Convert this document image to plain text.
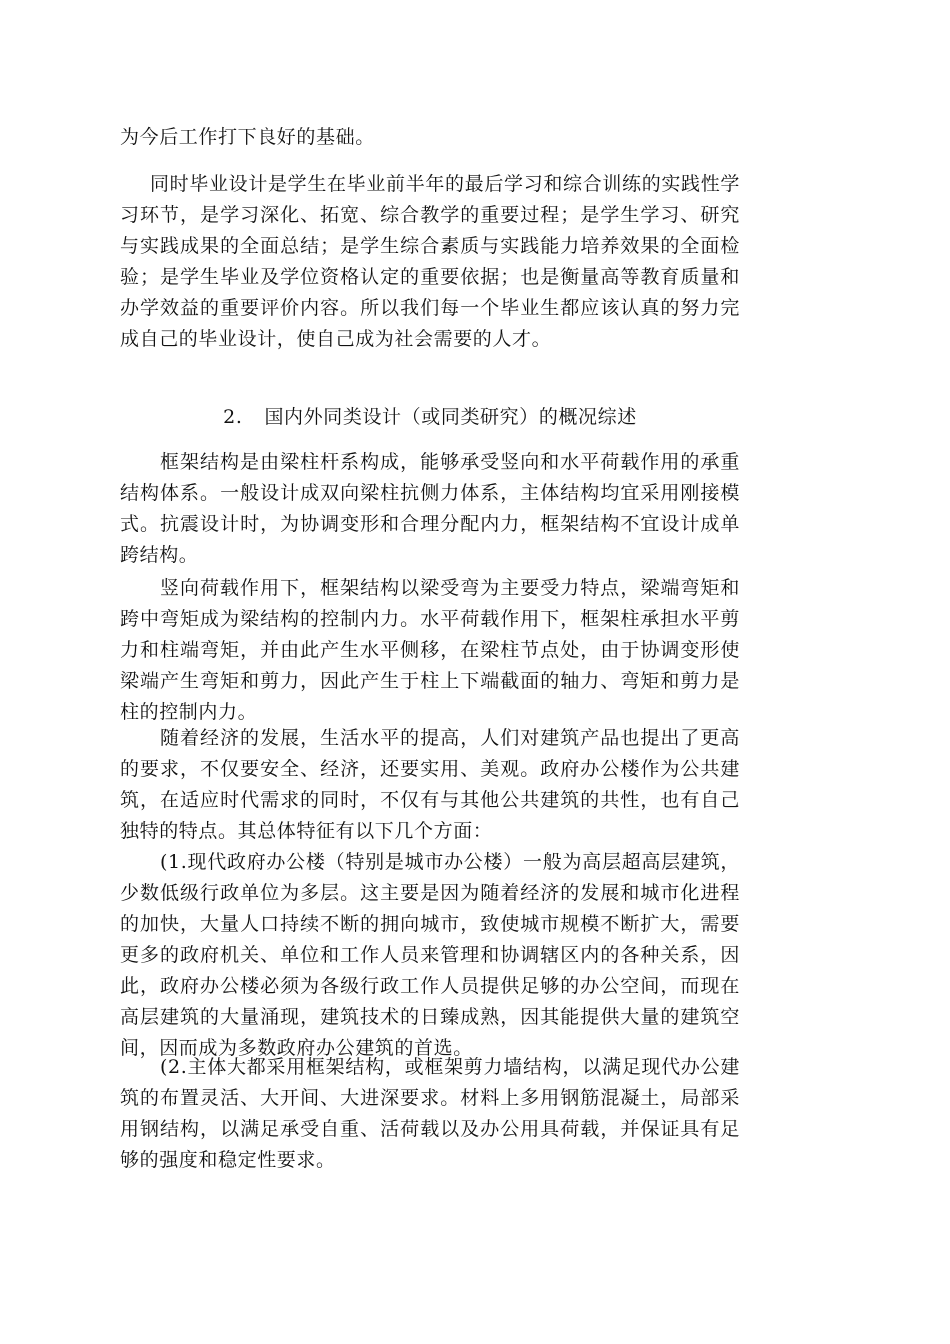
为今后工作打下良好的基础。
同时毕业设计是学生在毕业前半年的最后学习和综合训练的实践性学习环节，是学习深化、拓宽、综合教学的重要过程；是学生学习、研究与实践成果的全面总结；是学生综合素质与实践能力培养效果的全面检验；是学生毕业及学位资格认定的重要依据；也是衡量高等教育质量和办学效益的重要评价内容。所以我们每一个毕业生都应该认真的努力完成自己的毕业设计，使自己成为社会需要的人才。
2. 国内外同类设计（或同类研究）的概况综述
框架结构是由梁柱杆系构成，能够承受竖向和水平荷载作用的承重结构体系。一般设计成双向梁柱抗侧力体系，主体结构均宜采用刚接模式。抗震设计时，为协调变形和合理分配内力，框架结构不宜设计成单跨结构。
竖向荷载作用下，框架结构以梁受弯为主要受力特点，梁端弯矩和跨中弯矩成为梁结构的控制内力。水平荷载作用下，框架柱承担水平剪力和柱端弯矩，并由此产生水平侧移，在梁柱节点处，由于协调变形使梁端产生弯矩和剪力，因此产生于柱上下端截面的轴力、弯矩和剪力是柱的控制内力。
随着经济的发展，生活水平的提高，人们对建筑产品也提出了更高的要求，不仅要安全、经济，还要实用、美观。政府办公楼作为公共建筑，在适应时代需求的同时，不仅有与其他公共建筑的共性，也有自己独特的特点。其总体特征有以下几个方面：
(1.现代政府办公楼（特别是城市办公楼）一般为高层超高层建筑，少数低级行政单位为多层。这主要是因为随着经济的发展和城市化进程的加快，大量人口持续不断的拥向城市，致使城市规模不断扩大，需要更多的政府机关、单位和工作人员来管理和协调辖区内的各种关系，因此，政府办公楼必须为各级行政工作人员提供足够的办公空间，而现在高层建筑的大量涌现，建筑技术的日臻成熟，因其能提供大量的建筑空间，因而成为多数政府办公建筑的首选。
(2.主体大都采用框架结构，或框架剪力墙结构，以满足现代办公建筑的布置灵活、大开间、大进深要求。材料上多用钢筋混凝土，局部采用钢结构，以满足承受自重、活荷载以及办公用具荷载，并保证具有足够的强度和稳定性要求。
